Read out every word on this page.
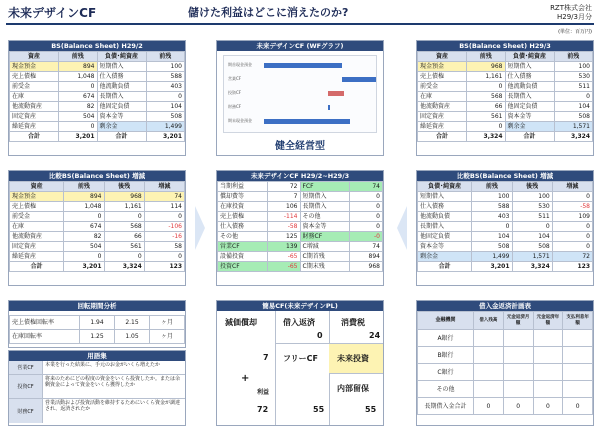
未来デザインCF	儲けた利益はどこに消えたのか?	RZT株式会社
H29/3月分
(単位：百万円)
BS(Balance Sheet) H29/2
資産	前残	負債･純資産	前残
現金預金	894	短期借入	100
売上債権	1,048	仕入債務	588
前受金	0	他流動負債	403
在庫	674	長期借入	0
他流動資産	82	他固定負債	104
固定資産	504	資本金等	508
繰延資産	0	剰余金	1,499
合計	3,201	合計	3,201
未来デザインCF (WFグラフ)
期首現金預金
営業CF
投資CF
財務CF
期末現金預金
健全経営型
BS(Balance Sheet) H29/3
資産	前残	負債･純資産	前残
現金預金	968	短期借入	100
売上債権	1,161	仕入債務	530
前受金	0	他流動負債	511
在庫	568	長期借入	0
他流動資産	66	他固定負債	104
固定資産	561	資本金等	508
繰延資産	0	剰余金	1,571
合計	3,324	合計	3,324
比較BS(Balance Sheet) 増減
資産	前残	後残	増減
現金預金	894	968	74
売上債権	1,048	1,161	114
前受金	0	0	0
在庫	674	568	-106
他流動資産	82	66	-16
固定資産	504	561	58
繰延資産	0	0	0
合計	3,201	3,324	123
未来デザインCF H29/2~H29/3
当期利益	72	FCF	74
償却費等	7	短期借入	0
在庫投資	106	長期借入	0
売上債権	-114	その他	0
仕入債務	-58	資本金等	0
その他	125	財務CF	-0
営業CF	139	C増減	74
設備投資	-65	C期首残	894
投資CF	-65	C期末残	968
比較BS(Balance Sheet) 増減
負債･純資産	前残	後残	増減
短期借入	100	100	0
仕入債務	588	530	-58
他流動負債	403	511	109
長期借入	0	0	0
他固定負債	104	104	0
資本金等	508	508	0
剰余金	1,499	1,571	72
合計	3,201	3,324	123
回転期間分析
売上債権回転率	1.94	2.15	ヶ月
在庫回転率	1.25	1.05	ヶ月
用語集
営業CF	本業を行った結果に、手元のお金がいくら増えたか
投資CF
将来のためにどの程度の資金をいくら投資したか。または余剰資金によって資金をいくら獲得したか
財務CF
営業活動および投資活動を維持するためにいくら資金が調達され、返済されたか
簡易CF(未来デザインPL)
減価償却	借入返済	消費税
0	24
7 フリーCF 未来投資
+
内部留保
利益
72	55	55
借入金返済計画表
金融機関	借入残高	元金返済月額	元金返済年額	支払利息年額
A銀行				
B銀行				
C銀行				
その他				
長期借入金合計	0	0	0	0
